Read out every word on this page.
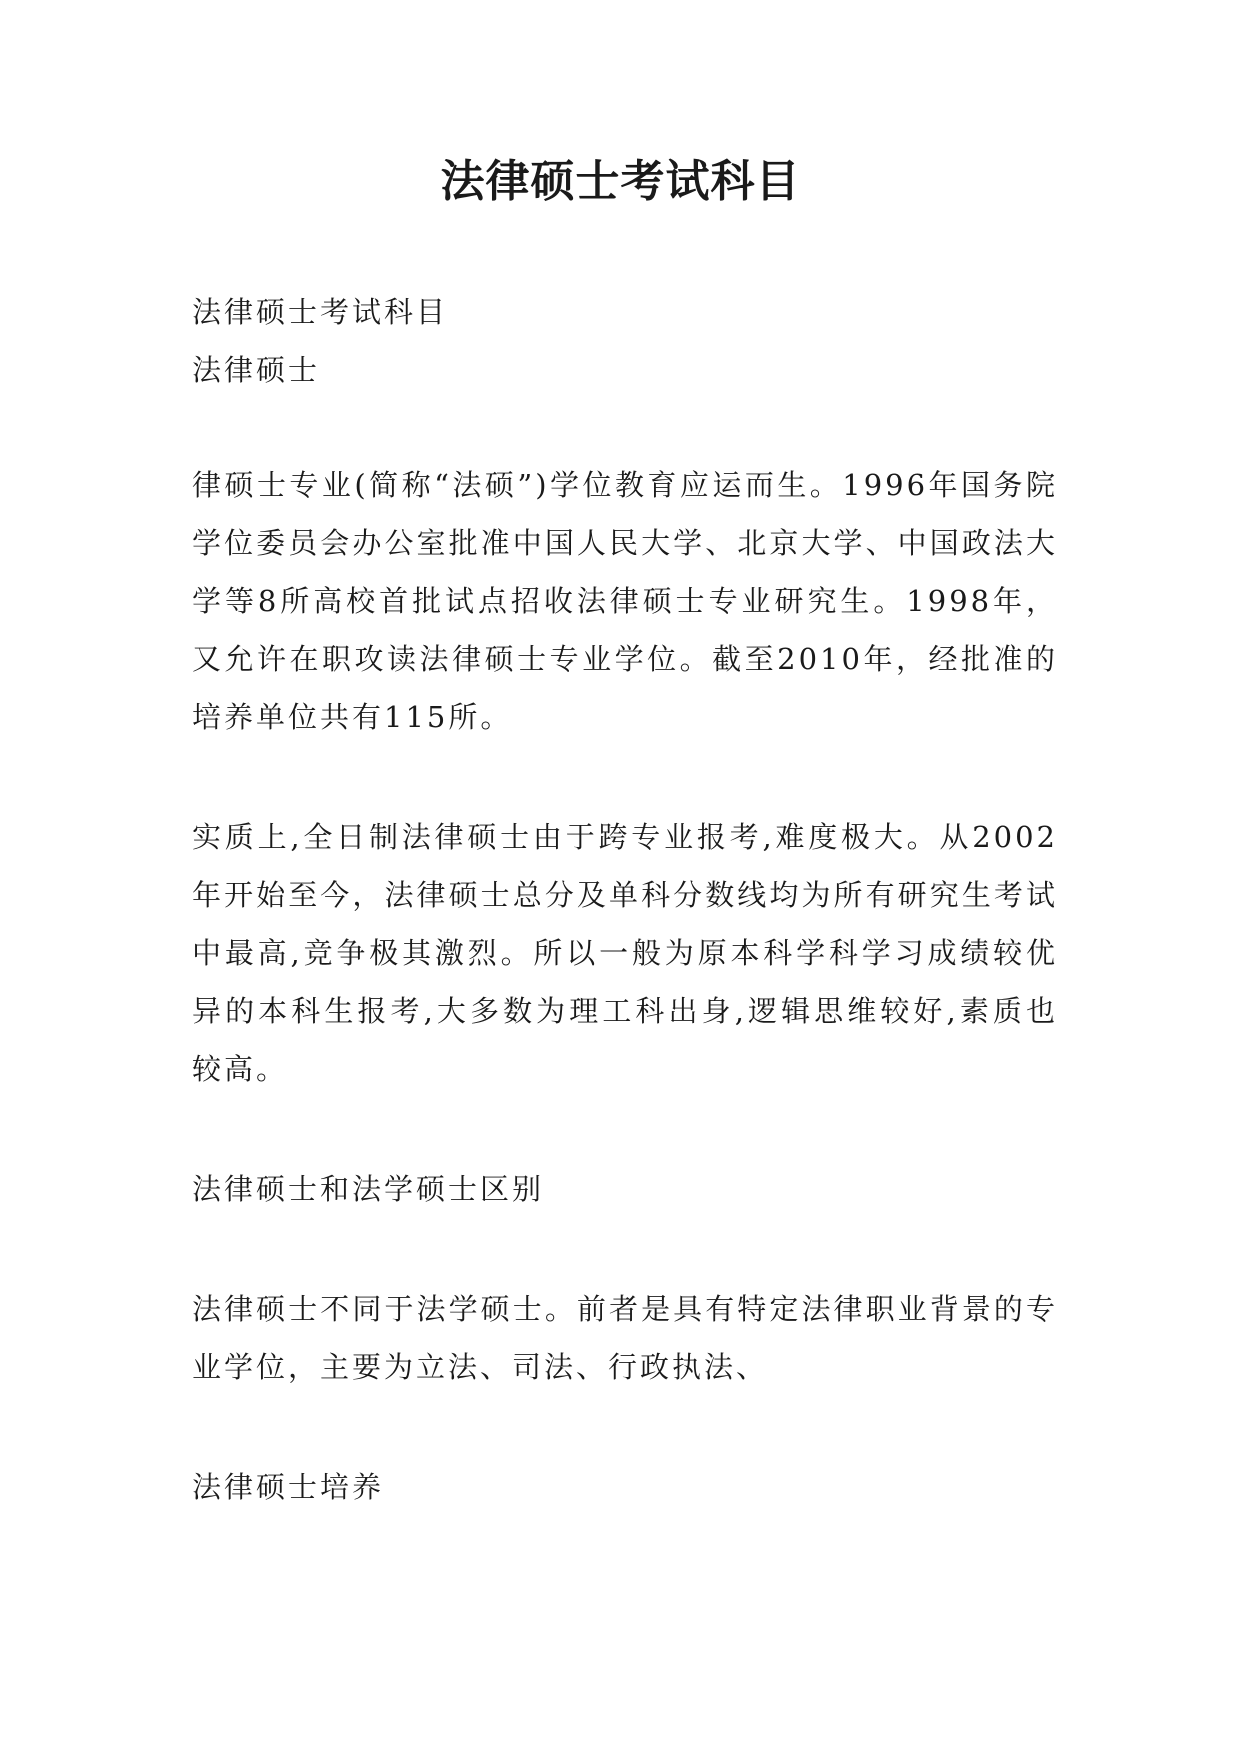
法律硕士考试科目
法律硕士考试科目
法律硕士
律硕士专业(简称“法硕”)学位教育应运而生。1996年国务院学位委员会办公室批准中国人民大学、北京大学、中国政法大学等8所高校首批试点招收法律硕士专业研究生。1998年，又允许在职攻读法律硕士专业学位。截至2010年，经批准的培养单位共有115所。
实质上,全日制法律硕士由于跨专业报考,难度极大。从2002年开始至今，法律硕士总分及单科分数线均为所有研究生考试中最高,竞争极其激烈。所以一般为原本科学科学习成绩较优异的本科生报考,大多数为理工科出身,逻辑思维较好,素质也较高。
法律硕士和法学硕士区别
法律硕士不同于法学硕士。前者是具有特定法律职业背景的专业学位，主要为立法、司法、行政执法、
法律硕士培养
